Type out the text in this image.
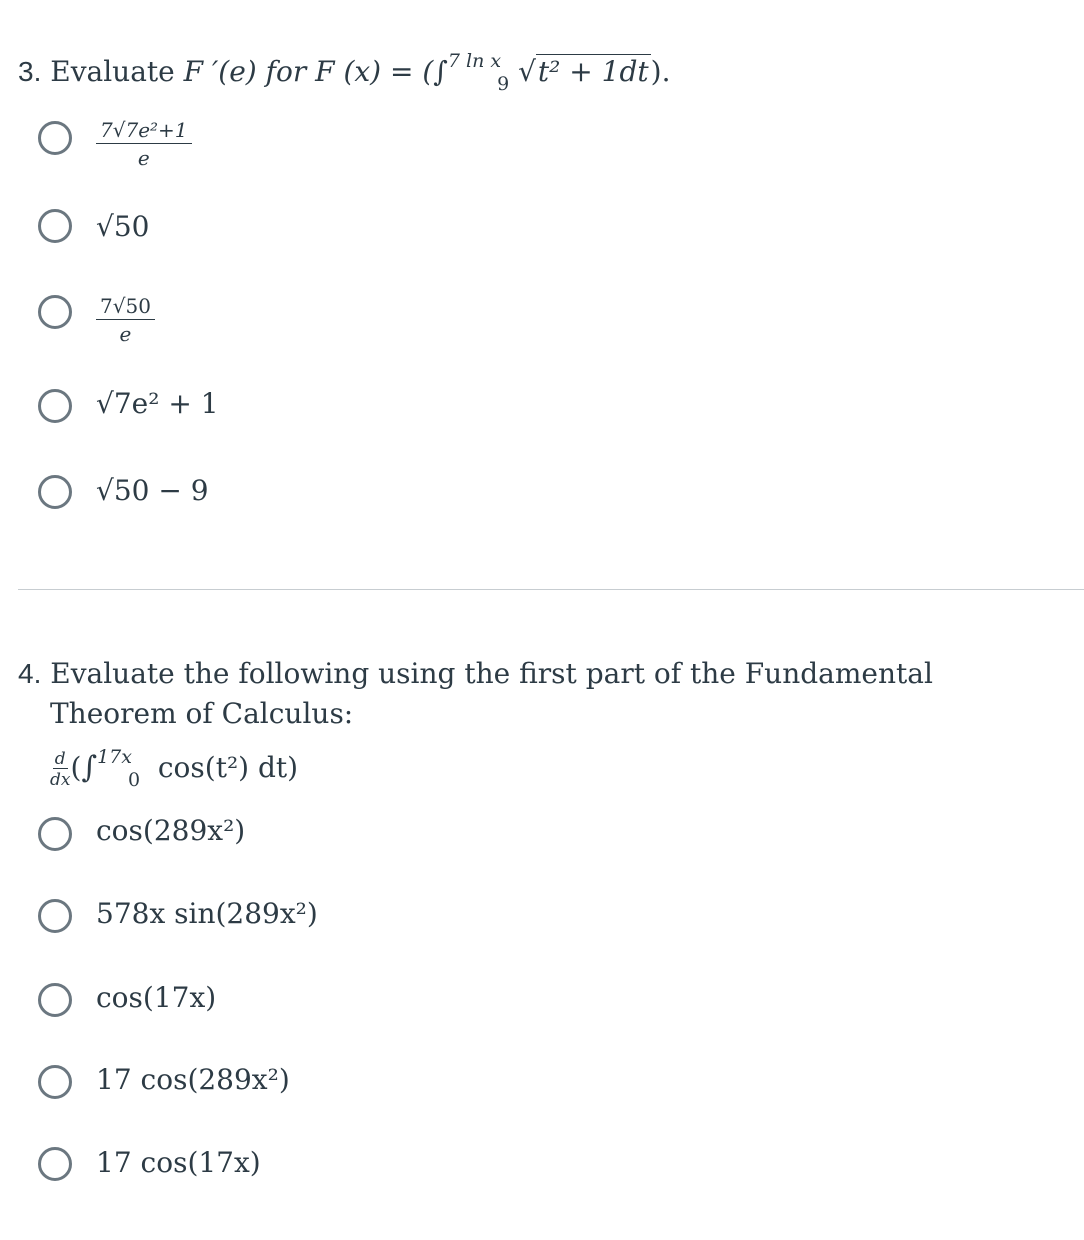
3. Evaluate F ′(e) for F (x) = (∫$^{7 ln x}_9$ √t² + 1dt).
$\frac{\text{7√7e²+1}}{e}$
√50
$\frac{7√50}{e}$
√7e² + 1
√50 − 9
4. Evaluate the following using the first part of the Fundamental
Theorem of Calculus:
$\frac{d}{dx} (\int^{17x}_0$ cos(t²) dt)
cos(289x²)
578x sin(289x²)
cos(17x)
17 cos(289x²)
17 cos(17x)
